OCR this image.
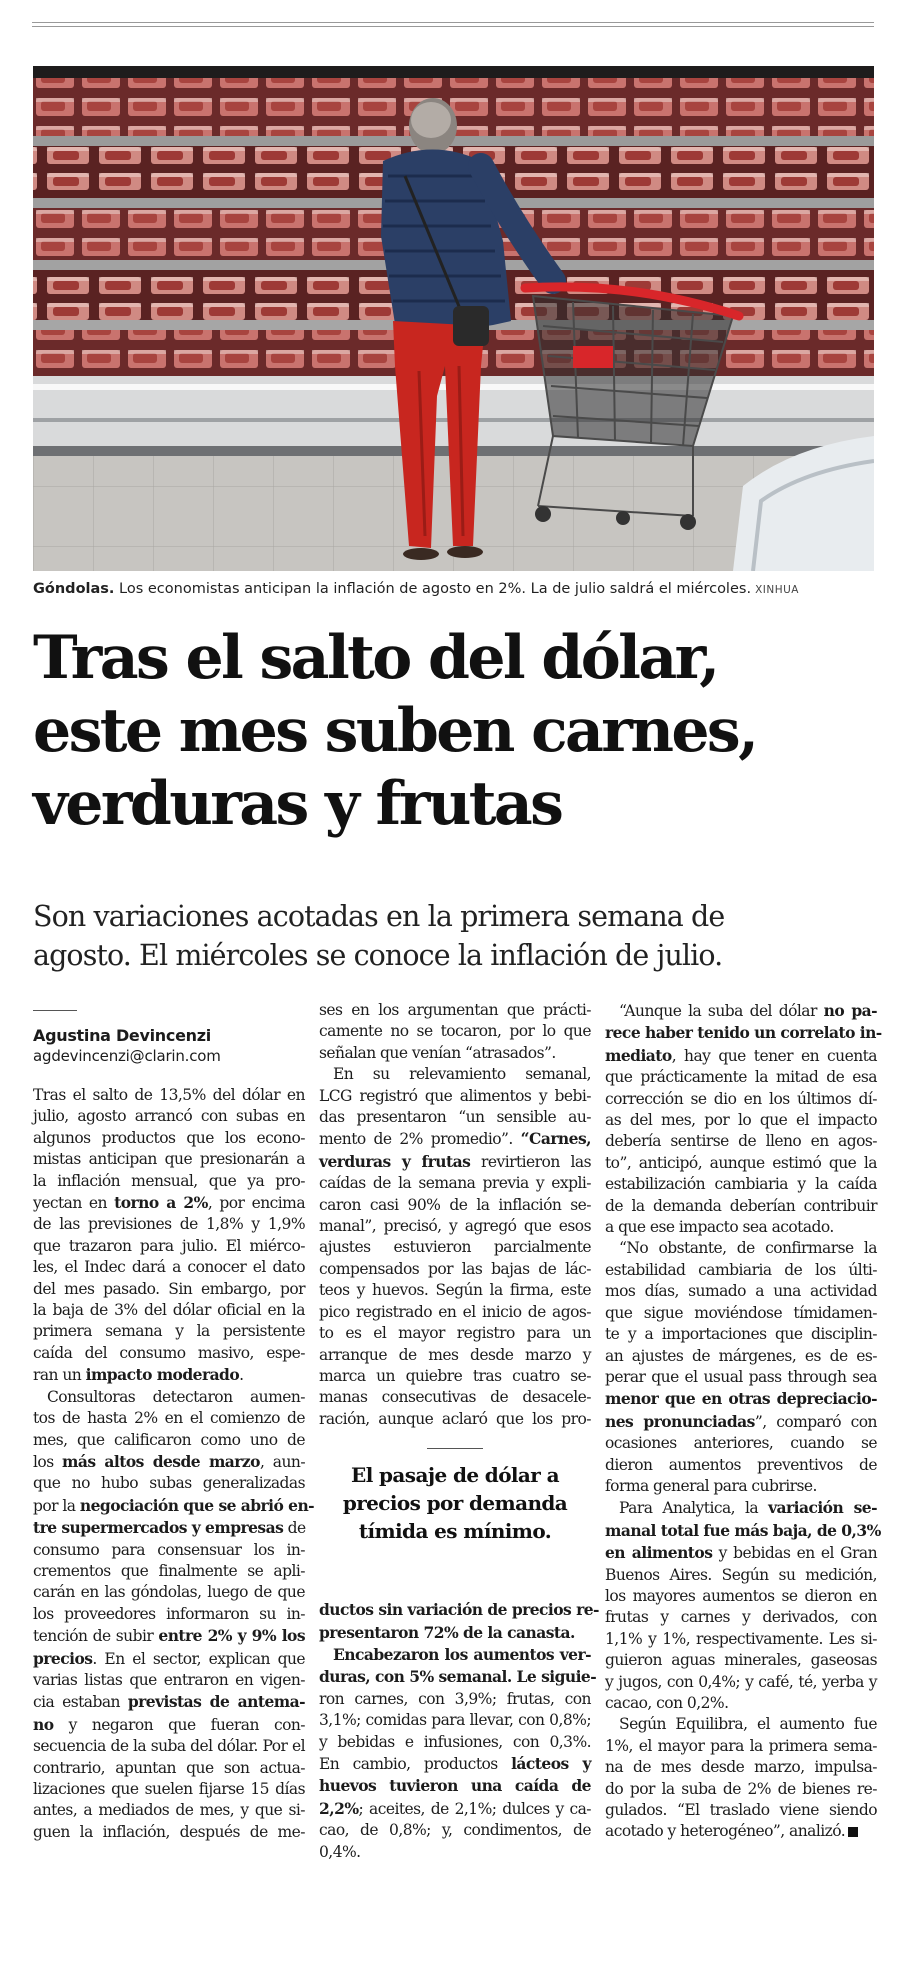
Góndolas. Los economistas anticipan la inflación de agosto en 2%. La de julio saldrá el miércoles. XINHUA
Tras el salto del dólar,
este mes suben carnes,
verduras y frutas
Son variaciones acotadas en la primera semana de
agosto. El miércoles se conoce la inflación de julio.
Agustina Devincenzi
agdevincenzi@clarin.com

Tras el salto de 13,5% del dólar en
julio, agosto arrancó con subas en
algunos productos que los econo-
mistas anticipan que presionarán a
la inflación mensual, que ya pro-
yectan en torno a 2%, por encima
de las previsiones de 1,8% y 1,9%
que trazaron para julio. El miérco-
les, el Indec dará a conocer el dato
del mes pasado. Sin embargo, por
la baja de 3% del dólar oficial en la
primera semana y la persistente
caída del consumo masivo, espe-
ran un impacto moderado.

Consultoras detectaron aumen-
tos de hasta 2% en el comienzo de
mes, que calificaron como uno de
los más altos desde marzo, aun-
que no hubo subas generalizadas
por la negociación que se abrió en-
tre supermercados y empresas de
consumo para consensuar los in-
crementos que finalmente se apli-
carán en las góndolas, luego de que
los proveedores informaron su in-
tención de subir entre 2% y 9% los
precios. En el sector, explican que
varias listas que entraron en vigen-
cia estaban previstas de antema-
no y negaron que fueran con-
secuencia de la suba del dólar. Por el
contrario, apuntan que son actua-
lizaciones que suelen fijarse 15 días
antes, a mediados de mes, y que si-
guen la inflación, después de me-

ses en los argumentan que prácti-
camente no se tocaron, por lo que
señalan que venían “atrasados”.

En su relevamiento semanal,
LCG registró que alimentos y bebi-
das presentaron “un sensible au-
mento de 2% promedio”. “Carnes,
verduras y frutas revirtieron las
caídas de la semana previa y expli-
caron casi 90% de la inflación se-
manal”, precisó, y agregó que esos
ajustes estuvieron parcialmente
compensados por las bajas de lác-
teos y huevos. Según la firma, este
pico registrado en el inicio de agos-
to es el mayor registro para un
arranque de mes desde marzo y
marca un quiebre tras cuatro se-
manas consecutivas de desacele-
ración, aunque aclaró que los pro-

El pasaje de dólar a
precios por demanda
tímida es mínimo.

ductos sin variación de precios re-
presentaron 72% de la canasta.

Encabezaron los aumentos ver-
duras, con 5% semanal. Le siguie-
ron carnes, con 3,9%; frutas, con
3,1%; comidas para llevar, con 0,8%;
y bebidas e infusiones, con 0,3%.
En cambio, productos lácteos y
huevos tuvieron una caída de
2,2%; aceites, de 2,1%; dulces y ca-
cao, de 0,8%; y, condimentos, de
0,4%.

“Aunque la suba del dólar no pa-
rece haber tenido un correlato in-
mediato, hay que tener en cuenta
que prácticamente la mitad de esa
corrección se dio en los últimos dí-
as del mes, por lo que el impacto
debería sentirse de lleno en agos-
to”, anticipó, aunque estimó que la
estabilización cambiaria y la caída
de la demanda deberían contribuir
a que ese impacto sea acotado.

“No obstante, de confirmarse la
estabilidad cambiaria de los últi-
mos días, sumado a una actividad
que sigue moviéndose tímidamen-
te y a importaciones que disciplin-
an ajustes de márgenes, es de es-
perar que el usual pass through sea
menor que en otras depreciacio-
nes pronunciadas”, comparó con
ocasiones anteriores, cuando se
dieron aumentos preventivos de
forma general para cubrirse.

Para Analytica, la variación se-
manal total fue más baja, de 0,3%
en alimentos y bebidas en el Gran
Buenos Aires. Según su medición,
los mayores aumentos se dieron en
frutas y carnes y derivados, con
1,1% y 1%, respectivamente. Les si-
guieron aguas minerales, gaseosas
y jugos, con 0,4%; y café, té, yerba y
cacao, con 0,2%.

Según Equilibra, el aumento fue
1%, el mayor para la primera sema-
na de mes desde marzo, impulsa-
do por la suba de 2% de bienes re-
gulados. “El traslado viene siendo
acotado y heterogéneo”, analizó.
